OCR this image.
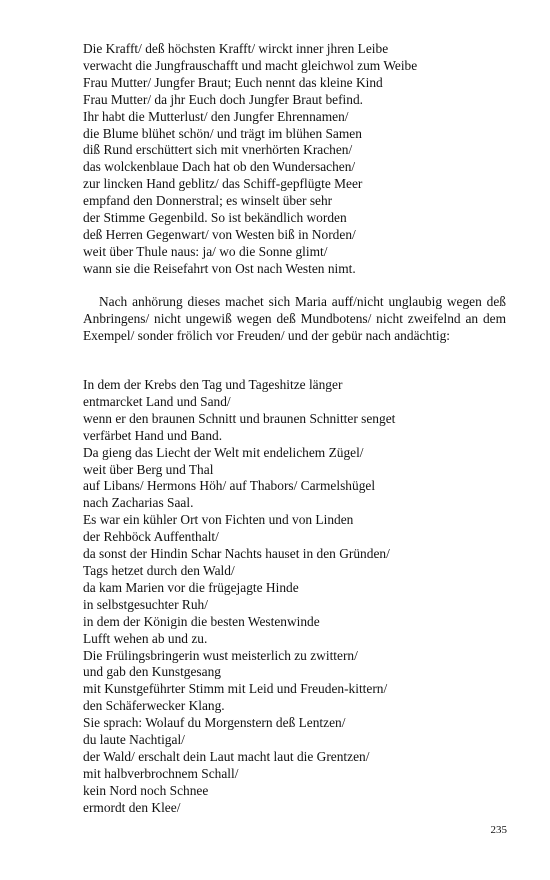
Die Krafft/ deß höchsten Krafft/ wirckt inner jhren Leibe
verwacht die Jungfrauschafft und macht gleichwol zum Weibe
Frau Mutter/ Jungfer Braut; Euch nennt das kleine Kind
Frau Mutter/ da jhr Euch doch Jungfer Braut befind.
Ihr habt die Mutterlust/ den Jungfer Ehrennamen/
die Blume blühet schön/ und trägt im blühen Samen
diß Rund erschüttert sich mit vnerhörten Krachen/
das wolckenblaue Dach hat ob den Wundersachen/
zur lincken Hand geblitz/ das Schiff-gepflügte Meer
empfand den Donnerstral; es winselt über sehr
der Stimme Gegenbild. So ist bekändlich worden
deß Herren Gegenwart/ von Westen biß in Norden/
weit über Thule naus: ja/ wo die Sonne glimt/
wann sie die Reisefahrt von Ost nach Westen nimt.

Nach anhörung dieses machet sich Maria auff/nicht unglaubig wegen deß Anbringens/ nicht ungewiß wegen deß Mundbotens/ nicht zweifelnd an dem Exempel/ sonder frölich vor Freuden/ und der gebür nach andächtig:

In dem der Krebs den Tag und Tageshitze länger
entmarcket Land und Sand/
wenn er den braunen Schnitt und braunen Schnitter senget
verfärbet Hand und Band.
Da gieng das Liecht der Welt mit endelichem Zügel/
weit über Berg und Thal
auf Libans/ Hermons Höh/ auf Thabors/ Carmelshügel
nach Zacharias Saal.
Es war ein kühler Ort von Fichten und von Linden
der Rehböck Auffenthalt/
da sonst der Hindin Schar Nachts hauset in den Gründen/
Tags hetzet durch den Wald/
da kam Marien vor die frügejagte Hinde
in selbstgesuchter Ruh/
in dem der Königin die besten Westenwinde
Lufft wehen ab und zu.
Die Frülingsbringerin wust meisterlich zu zwittern/
und gab den Kunstgesang
mit Kunstgeführter Stimm mit Leid und Freuden-kittern/
den Schäferwecker Klang.
Sie sprach: Wolauf du Morgenstern deß Lentzen/
du laute Nachtigal/
der Wald/ erschalt dein Laut macht laut die Grentzen/
mit halbverbrochnem Schall/
kein Nord noch Schnee
ermordt den Klee/
235
